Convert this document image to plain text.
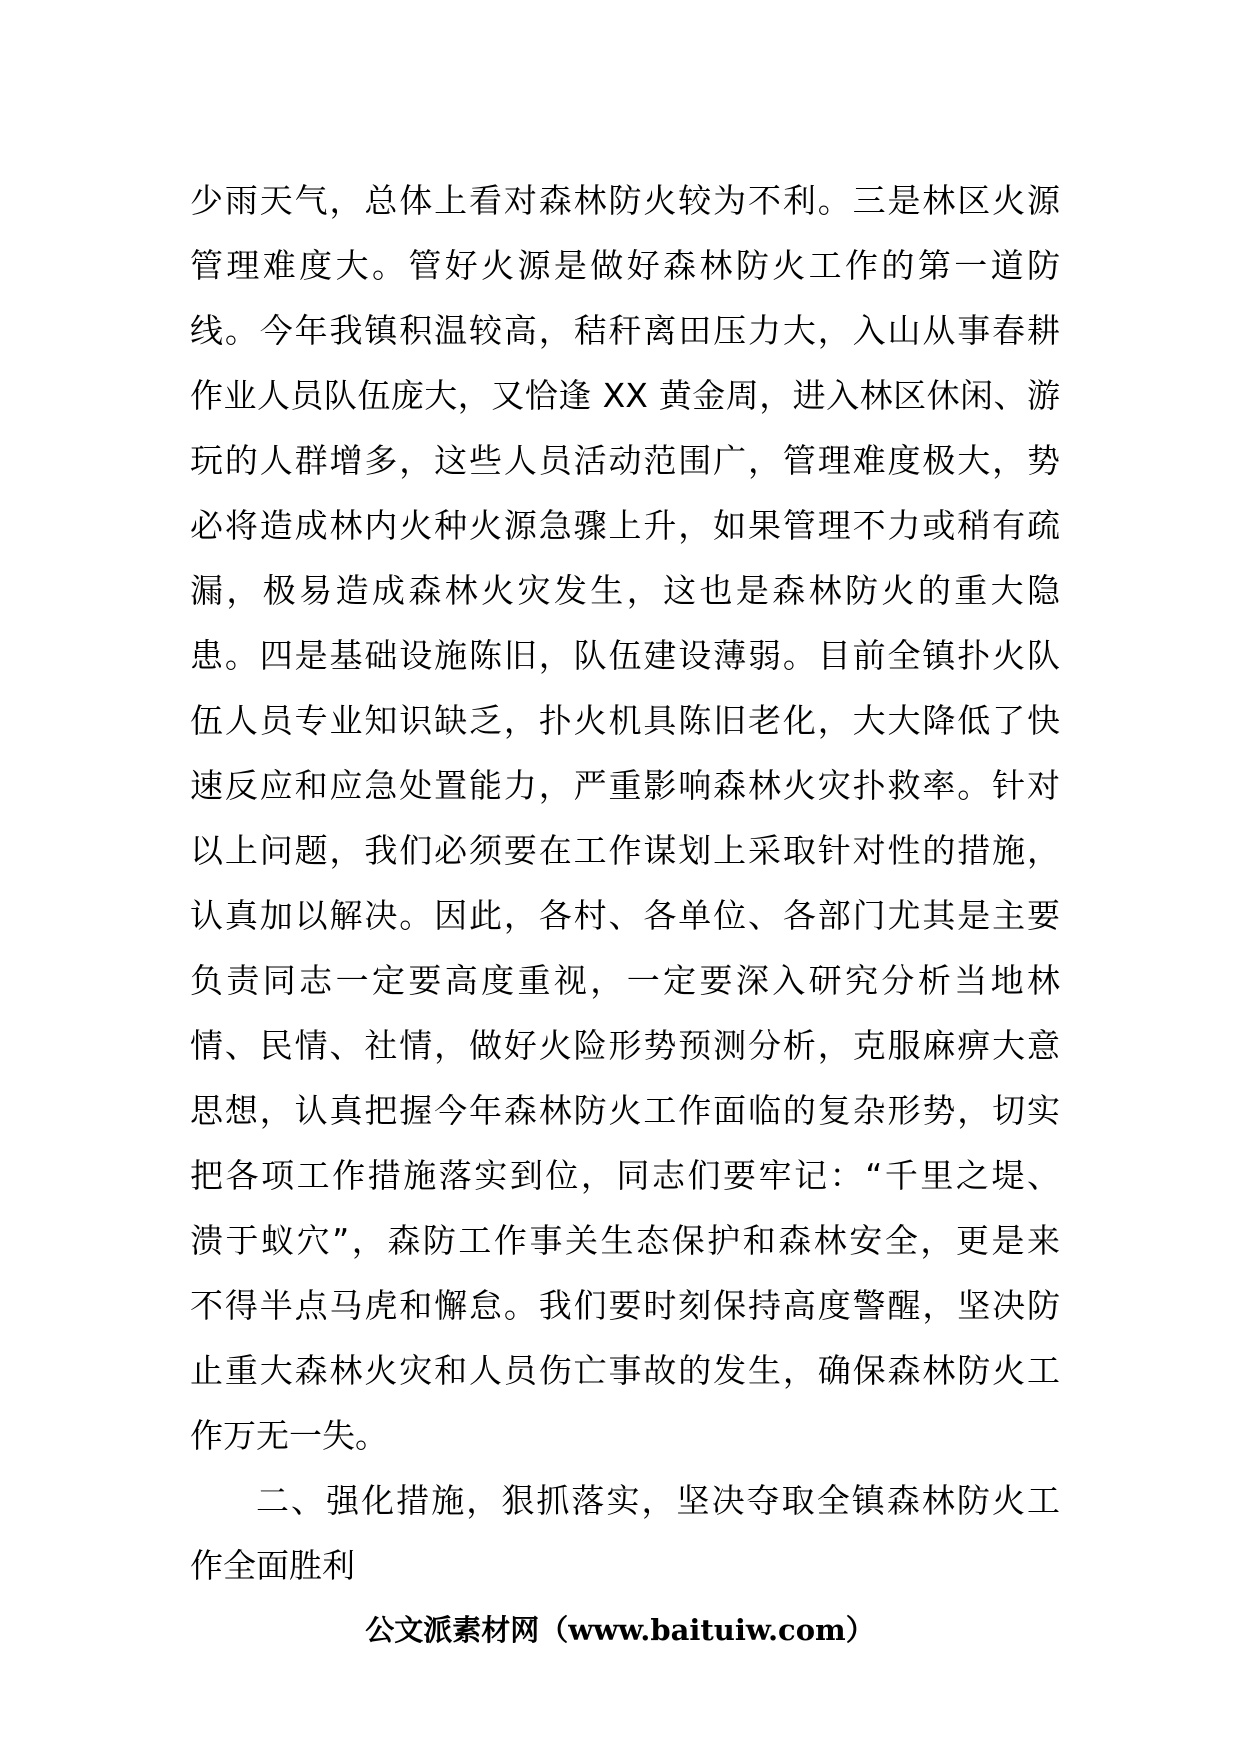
少雨天气，总体上看对森林防火较为不利。三是林区火源
管理难度大。管好火源是做好森林防火工作的第一道防
线。今年我镇积温较高，秸秆离田压力大，入山从事春耕
作业人员队伍庞大，又恰逢 XX 黄金周，进入林区休闲、游
玩的人群增多，这些人员活动范围广，管理难度极大，势
必将造成林内火种火源急骤上升，如果管理不力或稍有疏
漏，极易造成森林火灾发生，这也是森林防火的重大隐
患。四是基础设施陈旧，队伍建设薄弱。目前全镇扑火队
伍人员专业知识缺乏，扑火机具陈旧老化，大大降低了快
速反应和应急处置能力，严重影响森林火灾扑救率。针对
以上问题，我们必须要在工作谋划上采取针对性的措施，
认真加以解决。因此，各村、各单位、各部门尤其是主要
负责同志一定要高度重视，一定要深入研究分析当地林
情、民情、社情，做好火险形势预测分析，克服麻痹大意
思想，认真把握今年森林防火工作面临的复杂形势，切实
把各项工作措施落实到位，同志们要牢记：“千里之堤、
溃于蚁穴”，森防工作事关生态保护和森林安全，更是来
不得半点马虎和懈怠。我们要时刻保持高度警醒，坚决防
止重大森林火灾和人员伤亡事故的发生，确保森林防火工
作万无一失。
二、强化措施，狠抓落实，坚决夺取全镇森林防火工
作全面胜利
公文派素材网（www.baituiw.com）
